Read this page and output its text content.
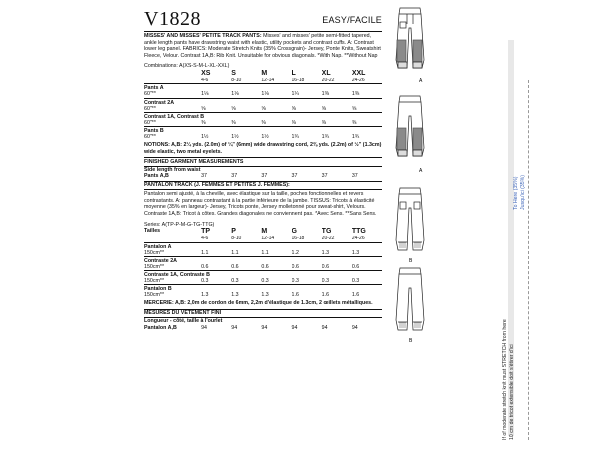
V1828	EASY/FACILE
MISSES' AND MISSES' PETITE TRACK PANTS: Misses' and misses' petite semi-fitted tapered, ankle length pants have drawstring waist with elastic, utility pockets and contrast cuffs. A: Contrast lower leg panel. FABRICS: Moderate Stretch Knits (35% Crossgrain)- Jersey, Ponte Knits, Sweatshirt Fleece, Velour. Contrast 1A,B: Rib Knit. Unsuitable for obvious diagonals. *With Nap. **Without Nap
Combinations: A(XS-S-M-L-XL-XXL)
	XS	S	M	L	XL	XXL
	4-6	8-10	12-14	16-18	20-22	24-26
Pants A						
60"**	1⅛	1⅛	1⅛	1¼	1⅜	1⅜
Contrast 2A						
60"**	⅝	⅝	⅝	⅝	⅝	⅝
Contrast 1A, Contrast B						
60"**	⅜	⅜	⅜	⅜	⅜	⅜
Pants B						
60"**	1½	1½	1½	1¾	1¾	1¾
NOTIONS: A,B: 2¼ yds. (2.0m) of ¼" (6mm) wide drawstring cord, 2⅜ yds. (2.2m) of ½" (1.3cm) wide elastic, two metal eyelets.
FINISHED GARMENT MEASUREMENTS
Side length from waist
Pants A,B	37	37	37	37	37	37
PANTALON TRACK (J. FEMMES ET PETITES J. FEMMES):
Pantalon semi ajusté, à la cheville, avec élastique sur la taille, poches fonctionnelles et revers contrastants. A: panneau contrastant à la partie inférieure de la jambe. TISSUS: Tricots à élasticité moyenne (35% en largeur)- Jersey, Tricots ponte, Jersey molletonné pour sweat-shirt, Velours. Contraste 1A,B: Tricot à côtes. Grandes diagonales ne conviennent pas. *Avec Sens. **Sans Sens.
Series: A(TP-P-M-G-TG-TTG)
Tailles	TP	P	M	G	TG	TTG
	4-6	8-10	12-14	16-18	20-22	24-26
Pantalon A						
150cm**	1.1	1.1	1.1	1.2	1.3	1.3
Contraste 2A						
150cm**	0.6	0.6	0.6	0.6	0.6	0.6
Contraste 1A, Contraste B						
150cm**	0.3	0.3	0.3	0.3	0.3	0.3
Pantalon B						
150cm**	1.3	1.3	1.3	1.6	1.6	1.6
MERCERIE: A,B: 2,0m de cordon de 6mm, 2,2m d'élastique de 1.3cm, 2 œillets métalliques.
MESURES DU VÊTEMENT FINI
Longueur - côté, taille à l'ourlet
Pantalon A,B	94	94	94	94	94	94
A
A
B
B
To Here (35%) Jusqu'ici (35%)
If of moderate stretch knit must STRETCH from here 10 cm de tricot extensible doit s'étirer d'ici
